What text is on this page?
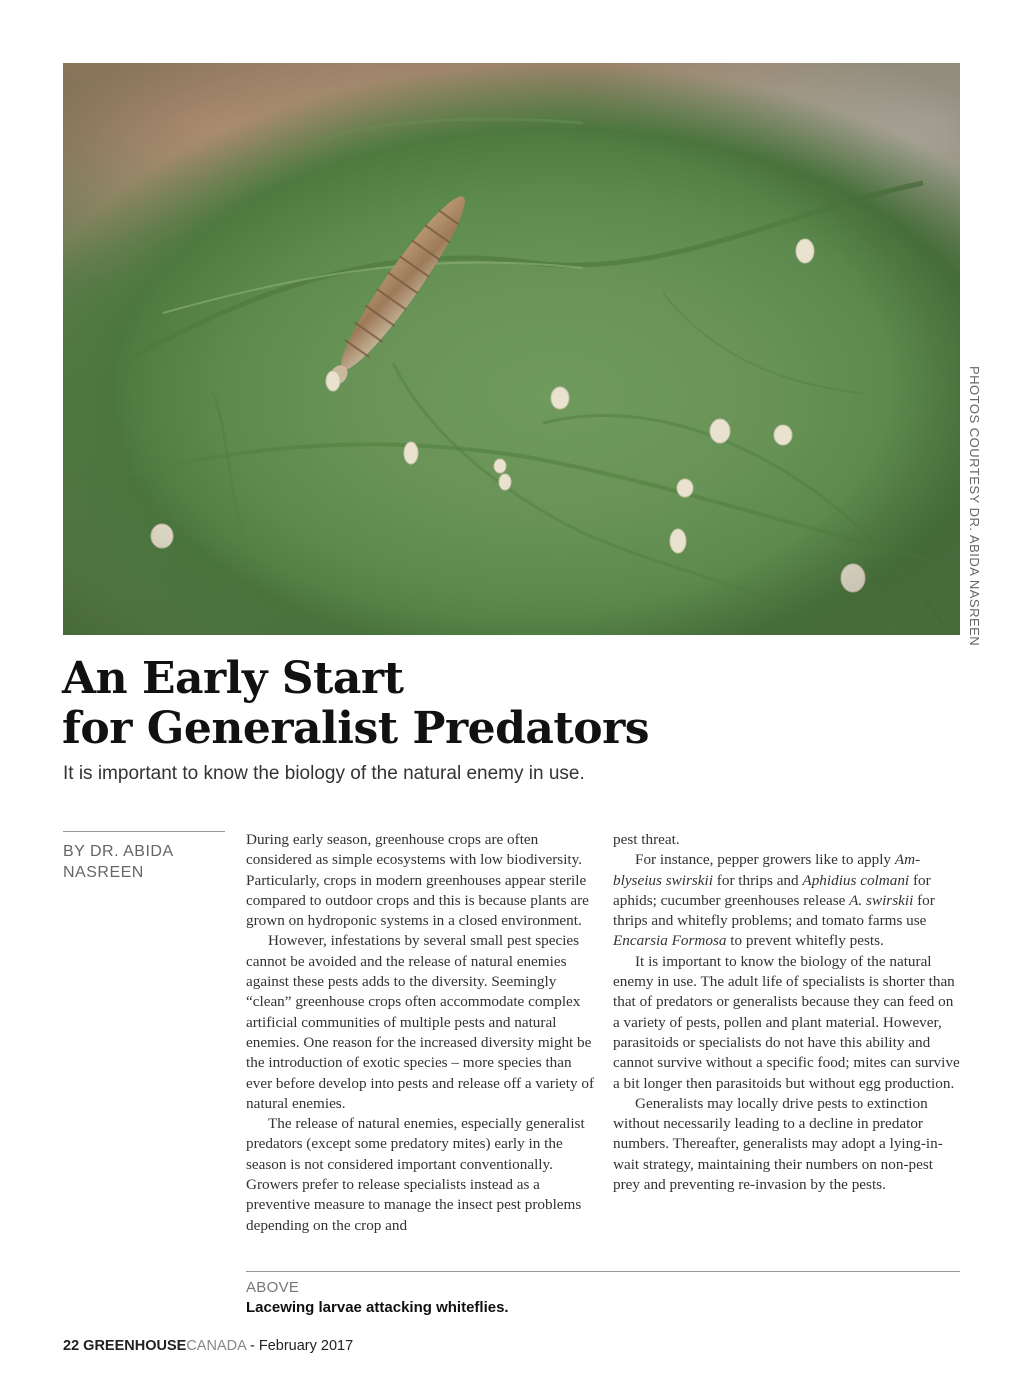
PHOTOS COURTESY DR. ABIDA NASREEN
An Early Start
for Generalist Predators
It is important to know the biology of the natural enemy in use.
BY DR. ABIDA
NASREEN

During early season, greenhouse crops are often considered as simple ecosystems with low biodiversity. Particularly, crops in modern greenhouses appear sterile compared to outdoor crops and this is because plants are grown on hydroponic systems in a closed environment.

However, infestations by several small pest species cannot be avoided and the release of natural enemies against these pests adds to the diversity. Seemingly “clean” greenhouse crops often accommodate complex artificial communities of multiple pests and natural enemies. One reason for the increased diversity might be the introduction of exotic species – more species than ever before develop into pests and release off a variety of natural enemies.

The release of natural enemies, especially generalist predators (except some predatory mites) early in the season is not considered important conventionally. Growers prefer to release specialists instead as a preventive measure to manage the insect pest problems depending on the crop and

pest threat.

For instance, pepper growers like to apply Amblyseius swirskii for thrips and Aphidius colmani for aphids; cucumber greenhouses release A. swirskii for thrips and whitefly problems; and tomato farms use Encarsia Formosa to prevent whitefly pests.

It is important to know the biology of the natural enemy in use. The adult life of specialists is shorter than that of predators or generalists because they can feed on a variety of pests, pollen and plant material. However, parasitoids or specialists do not have this ability and cannot survive without a specific food; mites can survive a bit longer then parasitoids but without egg production.

Generalists may locally drive pests to extinction without necessarily leading to a decline in predator numbers. Thereafter, generalists may adopt a lying-in-wait strategy, maintaining their numbers on non-pest prey and preventing re-invasion by the pests.

ABOVE
Lacewing larvae attacking whiteflies.
22 GREENHOUSECANADA - February 2017
